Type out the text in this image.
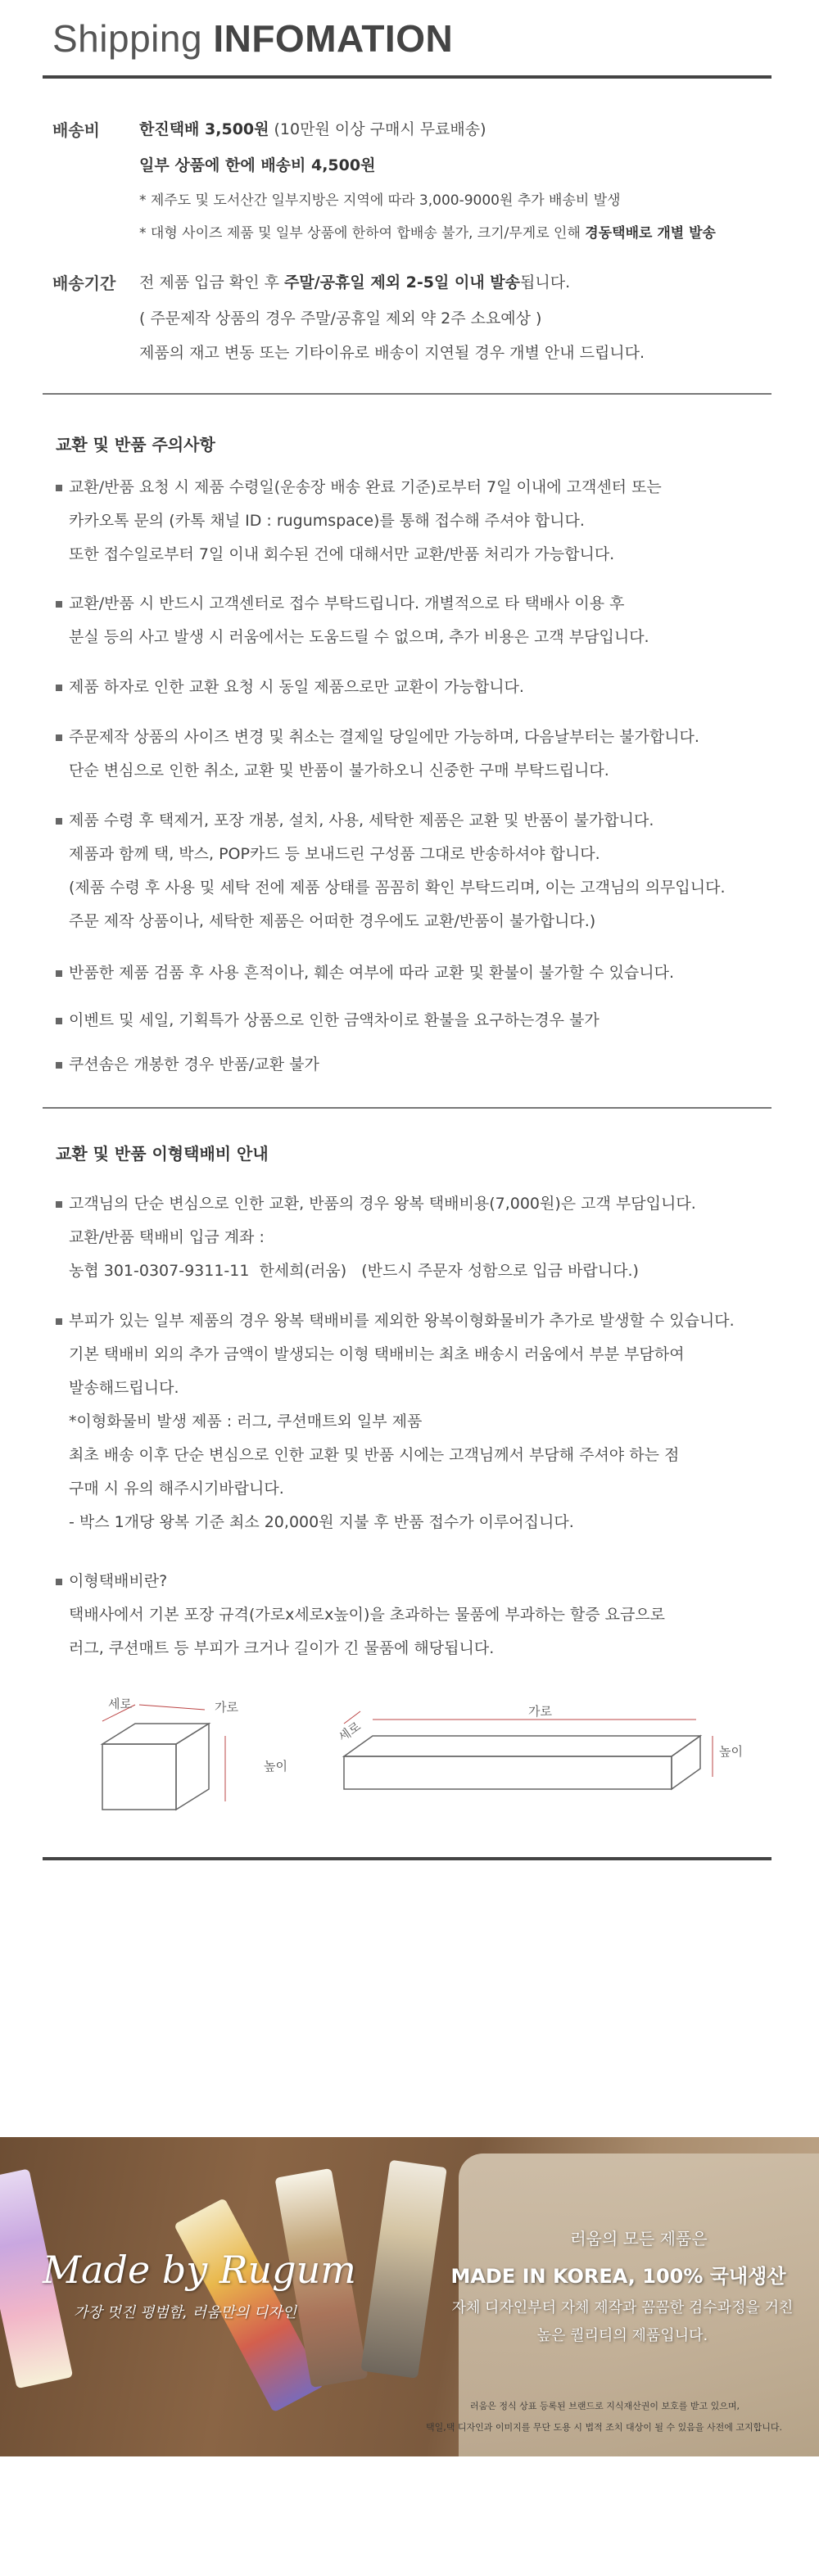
Shipping INFOMATION
배송비	한진택배 3,500원 (10만원 이상 구매시 무료배송)
일부 상품에 한에 배송비 4,500원
* 제주도 및 도서산간 일부지방은 지역에 따라 3,000-9000원 추가 배송비 발생
* 대형 사이즈 제품 및 일부 상품에 한하여 합배송 불가, 크기/무게로 인해 경동택배로 개별 발송
배송기간 전 제품 입금 확인 후 주말/공휴일 제외 2-5일 이내 발송됩니다.
( 주문제작 상품의 경우 주말/공휴일 제외 약 2주 소요예상 )
제품의 재고 변동 또는 기타이유로 배송이 지연될 경우 개별 안내 드립니다.
교환 및 반품 주의사항
교환/반품 요청 시 제품 수령일(운송장 배송 완료 기준)로부터 7일 이내에 고객센터 또는
카카오톡 문의 (카톡 채널 ID : rugumspace)를 통해 접수해 주셔야 합니다.
또한 접수일로부터 7일 이내 회수된 건에 대해서만 교환/반품 처리가 가능합니다.
교환/반품 시 반드시 고객센터로 접수 부탁드립니다. 개별적으로 타 택배사 이용 후
분실 등의 사고 발생 시 러움에서는 도움드릴 수 없으며, 추가 비용은 고객 부담입니다.
제품 하자로 인한 교환 요청 시 동일 제품으로만 교환이 가능합니다.
주문제작 상품의 사이즈 변경 및 취소는 결제일 당일에만 가능하며, 다음날부터는 불가합니다.
단순 변심으로 인한 취소, 교환 및 반품이 불가하오니 신중한 구매 부탁드립니다.
제품 수령 후 택제거, 포장 개봉, 설치, 사용, 세탁한 제품은 교환 및 반품이 불가합니다.
제품과 함께 택, 박스, POP카드 등 보내드린 구성품 그대로 반송하셔야 합니다.
(제품 수령 후 사용 및 세탁 전에 제품 상태를 꼼꼼히 확인 부탁드리며, 이는 고객님의 의무입니다.
주문 제작 상품이나, 세탁한 제품은 어떠한 경우에도 교환/반품이 불가합니다.)
반품한 제품 검품 후 사용 흔적이나, 훼손 여부에 따라 교환 및 환불이 불가할 수 있습니다.
이벤트 및 세일, 기획특가 상품으로 인한 금액차이로 환불을 요구하는경우 불가
쿠션솜은 개봉한 경우 반품/교환 불가
교환 및 반품 이형택배비 안내
고객님의 단순 변심으로 인한 교환, 반품의 경우 왕복 택배비용(7,000원)은 고객 부담입니다.
교환/반품 택배비 입금 계좌 :
농협 301-0307-9311-11  한세희(러움)   (반드시 주문자 성함으로 입금 바랍니다.)
부피가 있는 일부 제품의 경우 왕복 택배비를 제외한 왕복이형화물비가 추가로 발생할 수 있습니다.
기본 택배비 외의 추가 금액이 발생되는 이형 택배비는 최초 배송시 러움에서 부분 부담하여
발송해드립니다.
*이형화물비 발생 제품 : 러그, 쿠션매트외 일부 제품
최초 배송 이후 단순 변심으로 인한 교환 및 반품 시에는 고객님께서 부담해 주셔야 하는 점
구매 시 유의 해주시기바랍니다.
- 박스 1개당 왕복 기준 최소 20,000원 지불 후 반품 접수가 이루어집니다.
이형택배비란?
택배사에서 기본 포장 규격(가로x세로x높이)을 초과하는 물품에 부과하는 할증 요금으로
러그, 쿠션매트 등 부피가 크거나 길이가 긴 물품에 해당됩니다.
세로	가로
높이
세로
가로
높이
Made by Rugum
가장 멋진 평범함, 러움만의 디자인
러움의 모든 제품은
MADE IN KOREA, 100% 국내생산
자체 디자인부터 자체 제작과 꼼꼼한 검수과정을 거친
높은 퀄리티의 제품입니다.
러움은 정식 상표 등록된 브랜드로 지식재산권이 보호를 받고 있으며,
택일,택 디자인과 이미지를 무단 도용 시 법적 조치 대상이 될 수 있음을 사전에 고지합니다.
